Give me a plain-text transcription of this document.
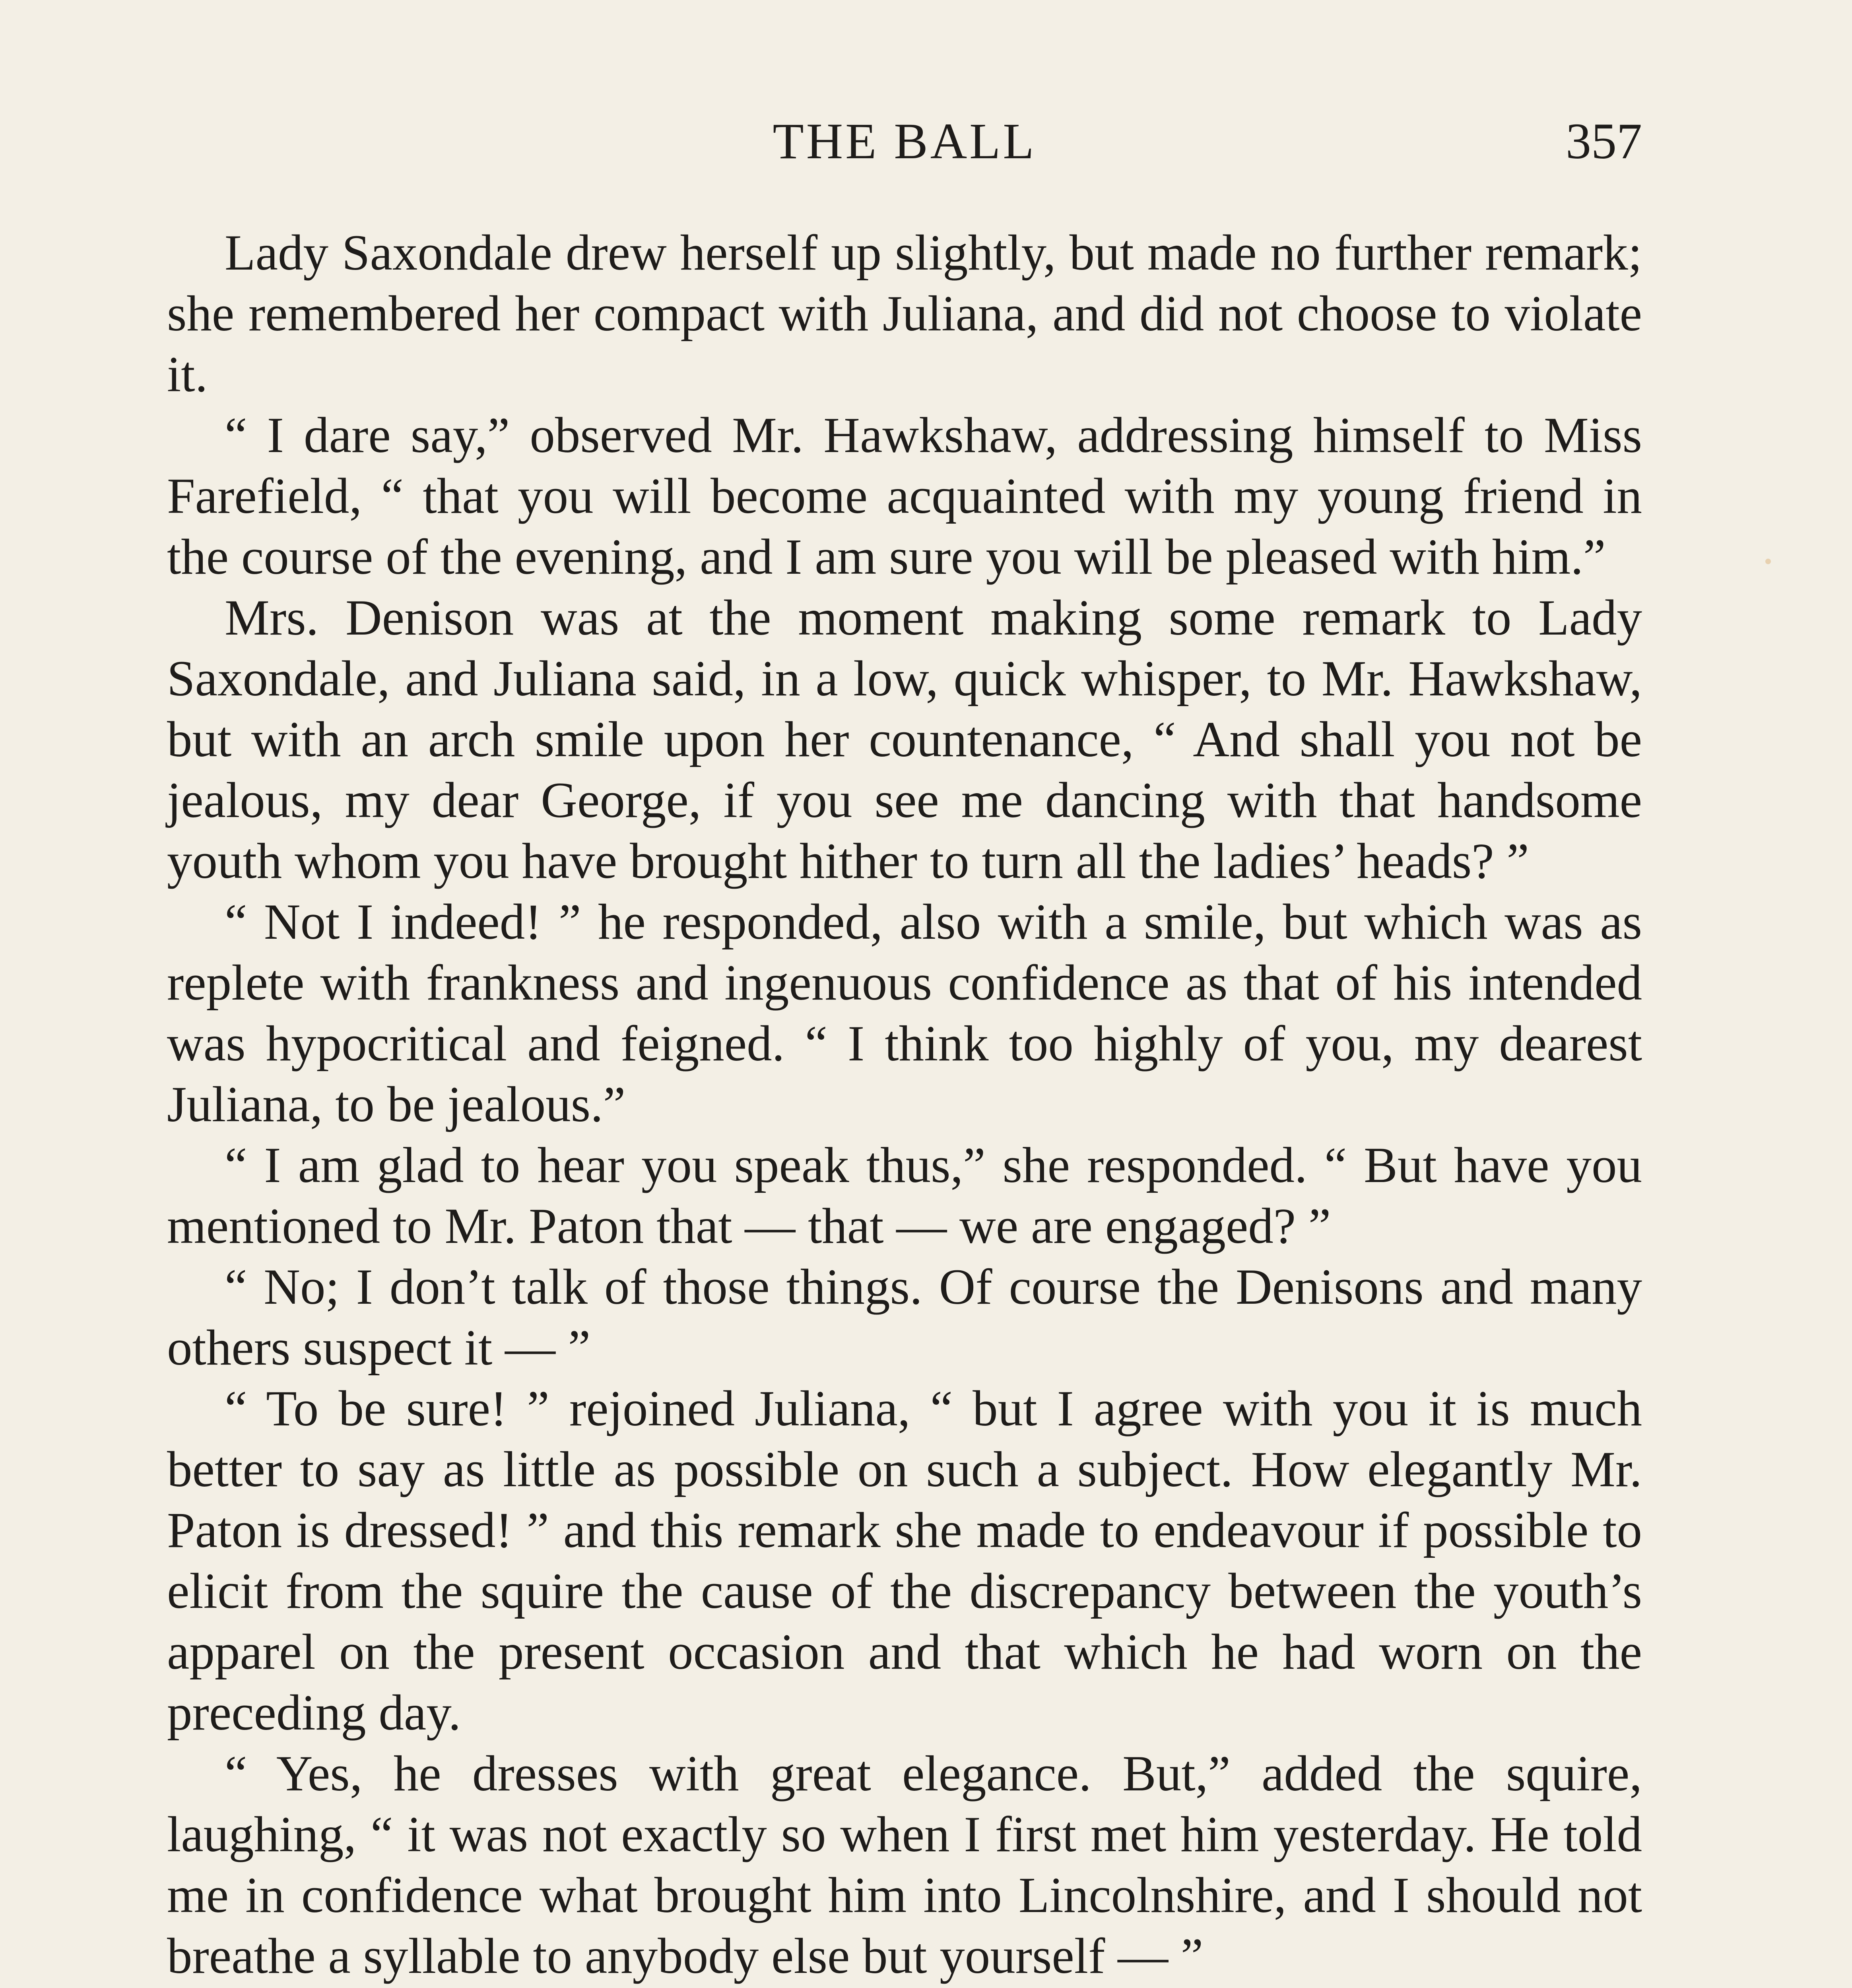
THE BALL	357

Lady Saxondale drew herself up slightly, but made no further remark; she remembered her compact with Juliana, and did not choose to violate it.

“ I dare say,” observed Mr. Hawkshaw, addressing himself to Miss Farefield, “ that you will become acquainted with my young friend in the course of the evening, and I am sure you will be pleased with him.”

Mrs. Denison was at the moment making some remark to Lady Saxondale, and Juliana said, in a low, quick whisper, to Mr. Hawkshaw, but with an arch smile upon her countenance, “ And shall you not be jealous, my dear George, if you see me dancing with that handsome youth whom you have brought hither to turn all the ladies’ heads? ”

“ Not I indeed! ” he responded, also with a smile, but which was as replete with frankness and ingenuous confidence as that of his intended was hypocritical and feigned. “ I think too highly of you, my dearest Juliana, to be jealous.”

“ I am glad to hear you speak thus,” she responded. “ But have you mentioned to Mr. Paton that — that — we are engaged? ”

“ No; I don’t talk of those things. Of course the Denisons and many others suspect it — ”

“ To be sure! ” rejoined Juliana, “ but I agree with you it is much better to say as little as possible on such a subject. How elegantly Mr. Paton is dressed! ” and this remark she made to endeavour if possible to elicit from the squire the cause of the discrepancy between the youth’s apparel on the present occasion and that which he had worn on the preceding day.

“ Yes, he dresses with great elegance. But,” added the squire, laughing, “ it was not exactly so when I first met him yesterday. He told me in confidence what brought him into Lincolnshire, and I should not breathe a syllable to anybody else but yourself — ”
